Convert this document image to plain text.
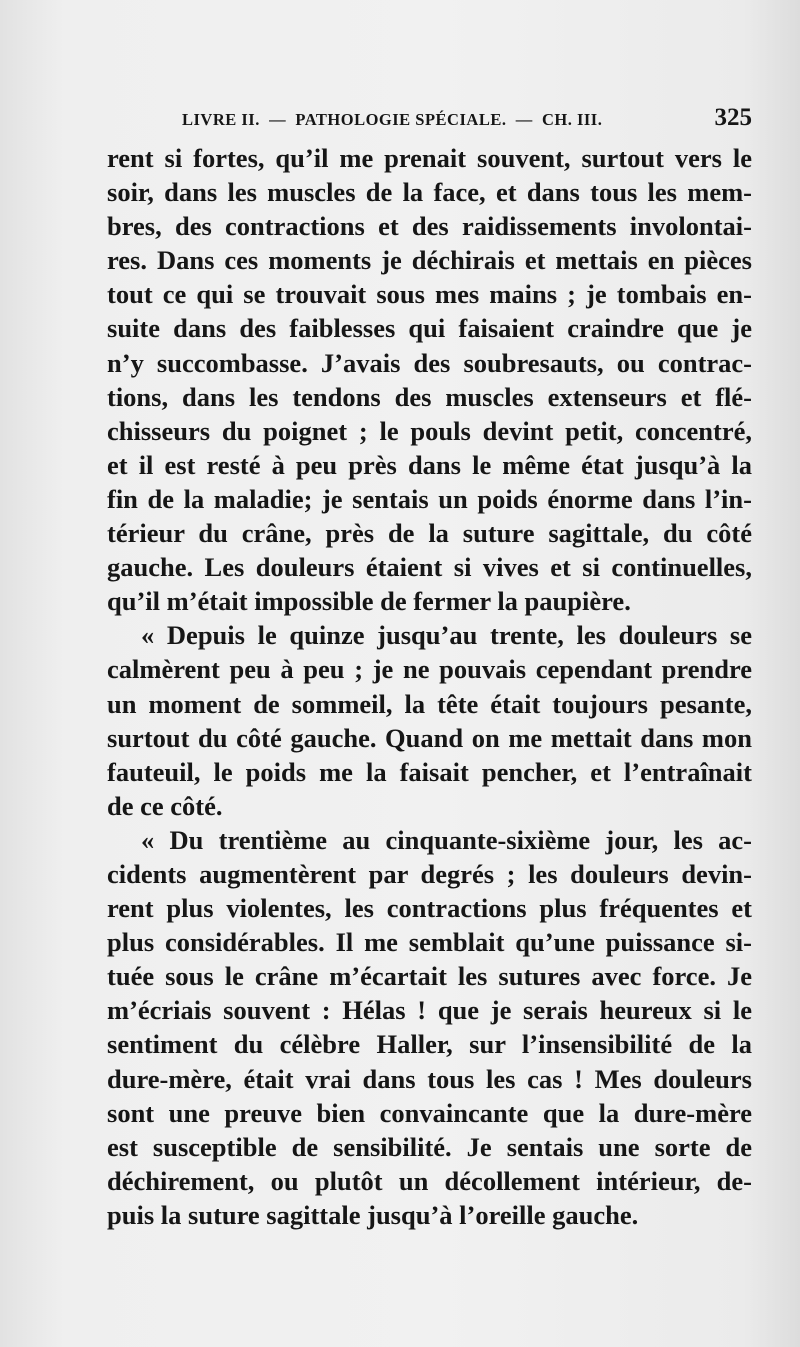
LIVRE II.  —  PATHOLOGIE SPÉCIALE.  —  CH. III.	325
rent si fortes, qu’il me prenait souvent, surtout vers le
soir, dans les muscles de la face, et dans tous les mem-
bres, des contractions et des raidissements involontai-
res. Dans ces moments je déchirais et mettais en pièces
tout ce qui se trouvait sous mes mains ; je tombais en-
suite dans des faiblesses qui faisaient craindre que je
n’y succombasse. J’avais des soubresauts, ou contrac-
tions, dans les tendons des muscles extenseurs et flé-
chisseurs du poignet ; le pouls devint petit, concentré,
et il est resté à peu près dans le même état jusqu’à la
fin de la maladie; je sentais un poids énorme dans l’in-
térieur du crâne, près de la suture sagittale, du côté
gauche. Les douleurs étaient si vives et si continuelles,
qu’il m’était impossible de fermer la paupière.
« Depuis le quinze jusqu’au trente, les douleurs se
calmèrent peu à peu ; je ne pouvais cependant prendre
un moment de sommeil, la tête était toujours pesante,
surtout du côté gauche. Quand on me mettait dans mon
fauteuil, le poids me la faisait pencher, et l’entraînait
de ce côté.
« Du trentième au cinquante-sixième jour, les ac-
cidents augmentèrent par degrés ; les douleurs devin-
rent plus violentes, les contractions plus fréquentes et
plus considérables. Il me semblait qu’une puissance si-
tuée sous le crâne m’écartait les sutures avec force. Je
m’écriais souvent : Hélas ! que je serais heureux si le
sentiment du célèbre Haller, sur l’insensibilité de la
dure-mère, était vrai dans tous les cas ! Mes douleurs
sont une preuve bien convaincante que la dure-mère
est susceptible de sensibilité. Je sentais une sorte de
déchirement, ou plutôt un décollement intérieur, de-
puis la suture sagittale jusqu’à l’oreille gauche.
